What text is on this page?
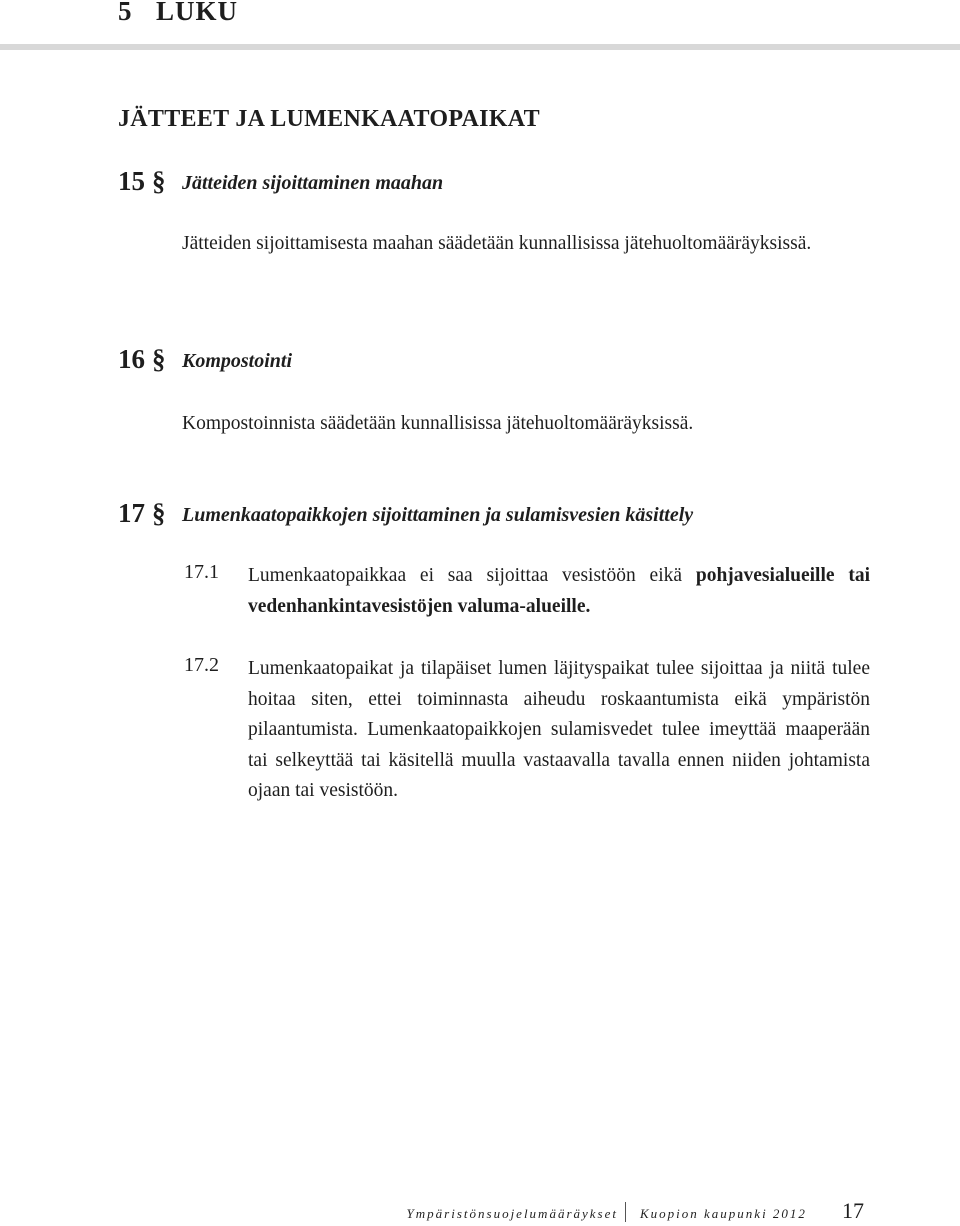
5 LUKU
JÄTTEET JA LUMENKAATOPAIKAT
15 § Jätteiden sijoittaminen maahan
Jätteiden sijoittamisesta maahan säädetään kunnallisissa jätehuoltomääräyksissä.
16 § Kompostointi
Kompostoinnista säädetään kunnallisissa jätehuoltomääräyksissä.
17 § Lumenkaatopaikkojen sijoittaminen ja sulamisvesien käsittely
17.1 Lumenkaatopaikkaa ei saa sijoittaa vesistöön eikä pohjavesialueille tai vedenhankintavesistöjen valuma-alueille.
17.2 Lumenkaatopaikat ja tilapäiset lumen läjityspaikat tulee sijoittaa ja niitä tulee hoitaa siten, ettei toiminnasta aiheudu roskaantumista eikä ympäristön pilaantumista. Lumenkaatopaikkojen sulamisvedet tulee imeyttää maaperään tai selkeyttää tai käsitellä muulla vastaavalla tavalla ennen niiden johtamista ojaan tai vesistöön.
Ympäristönsuojelumääräykset Kuopion kaupunki 2012 17
